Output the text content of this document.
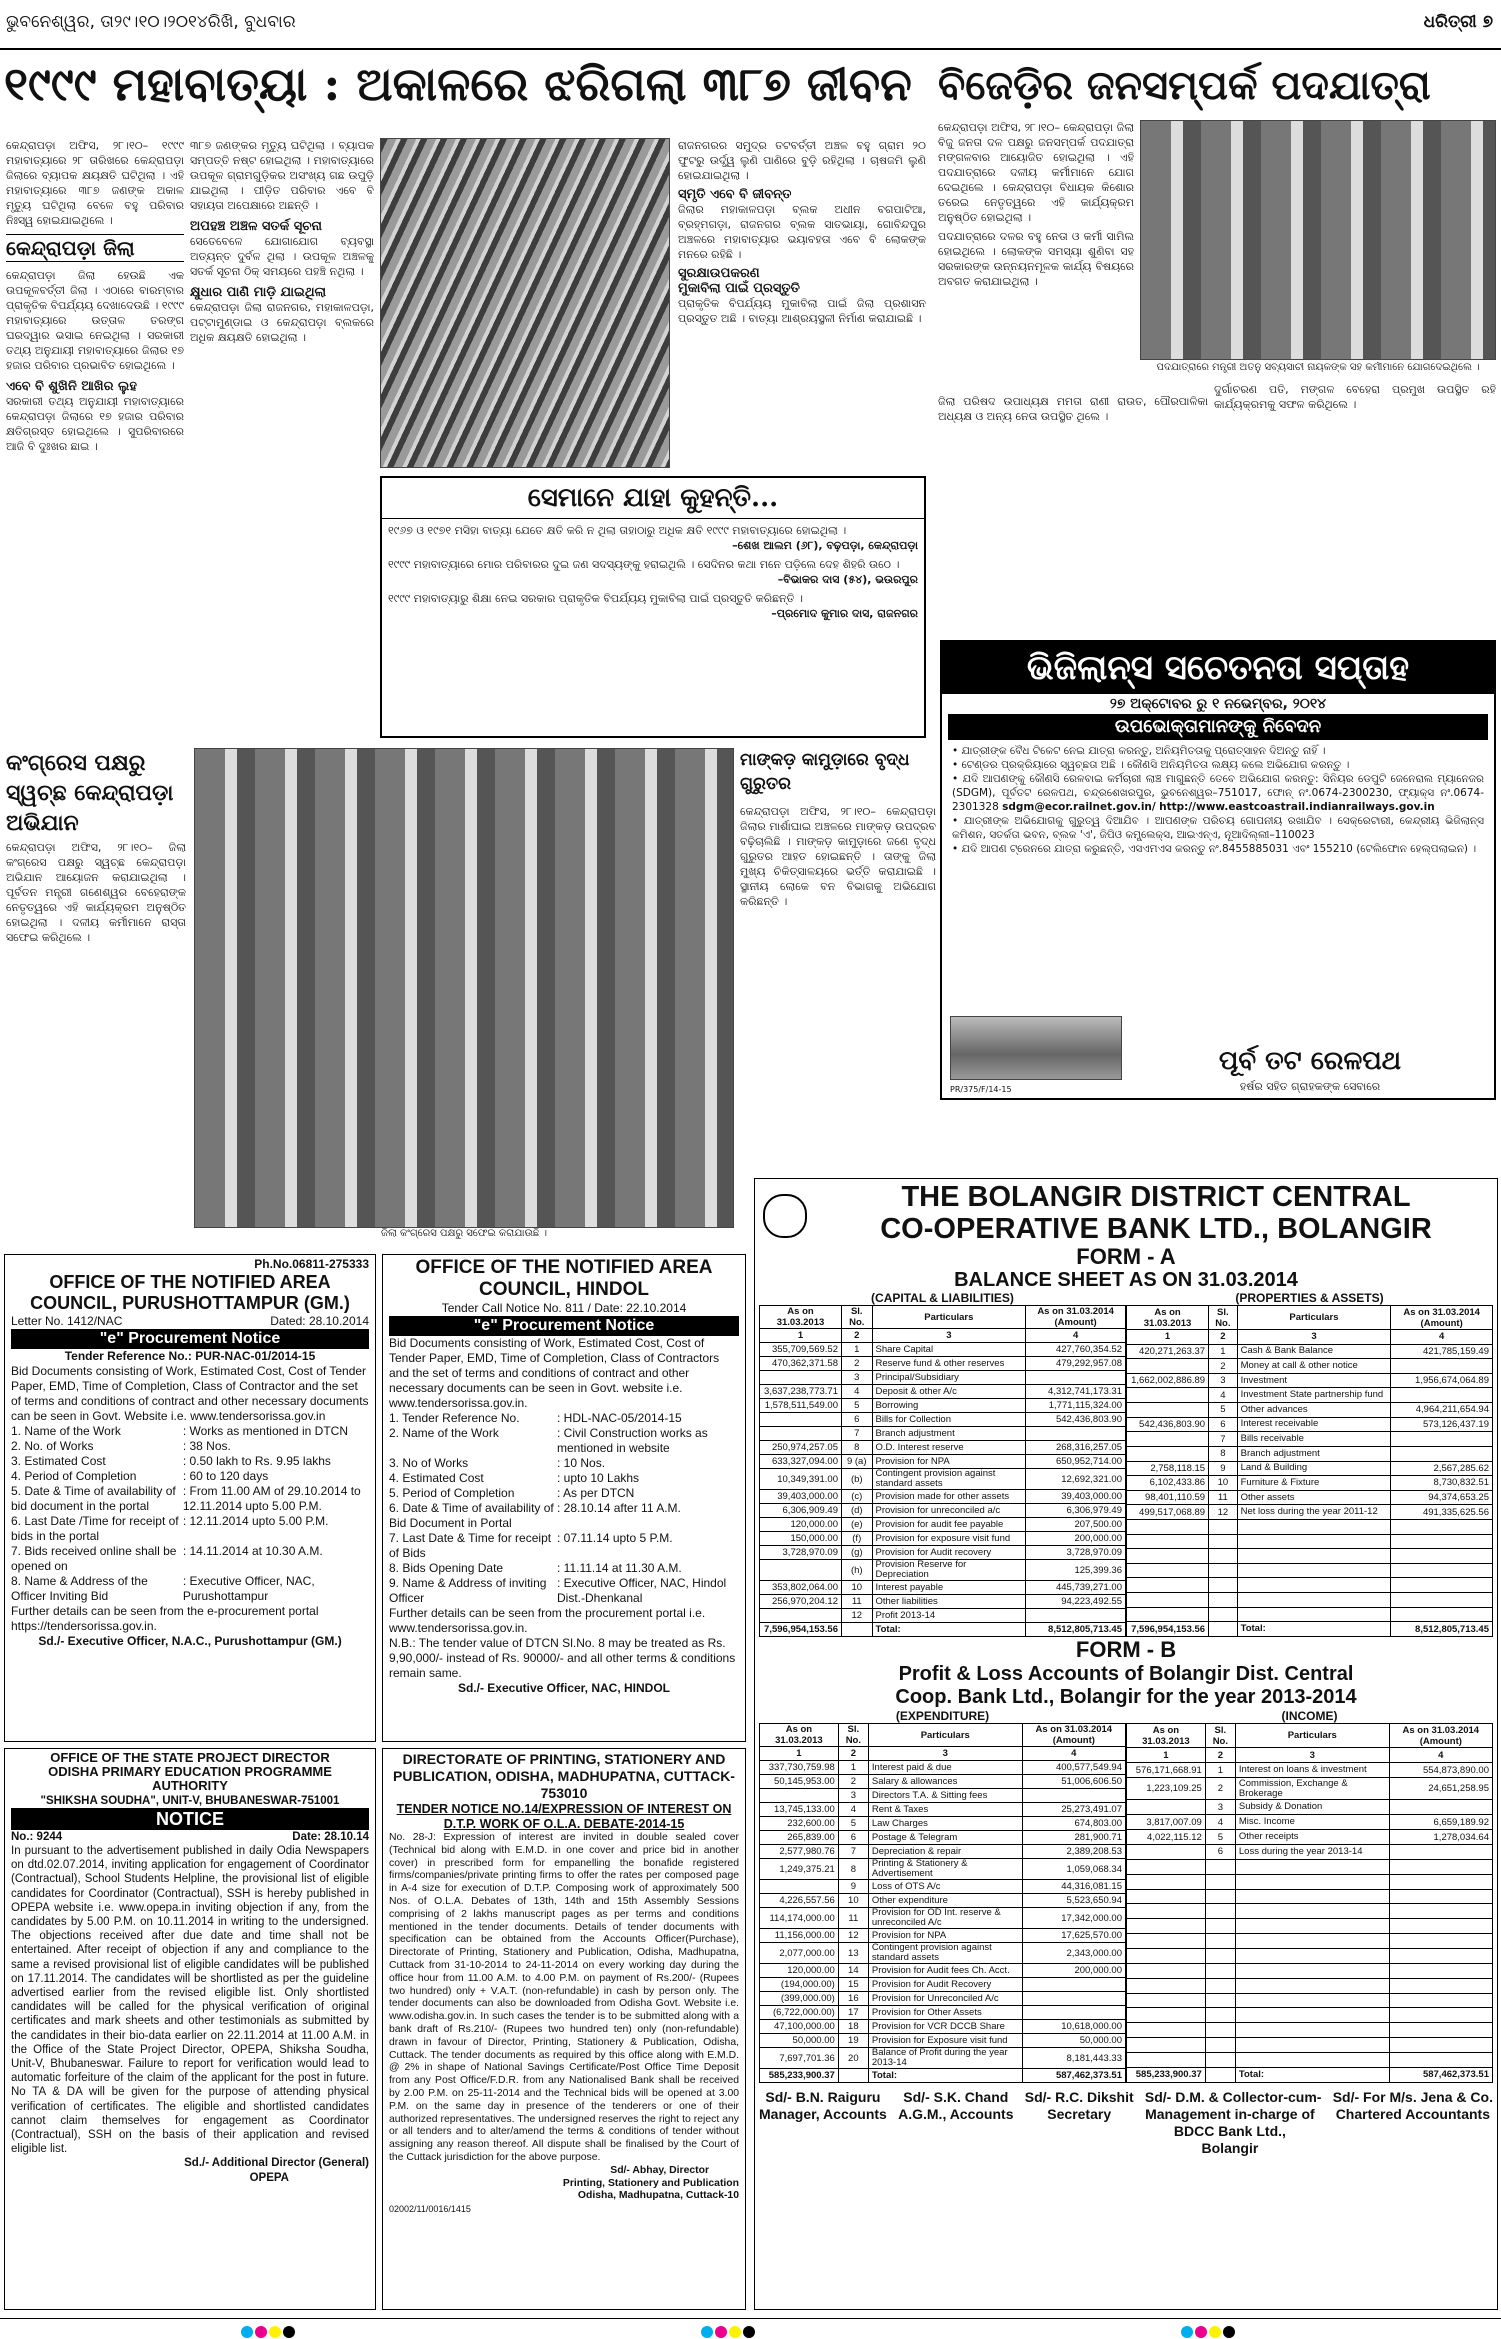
ଭୁବନେଶ୍ୱର, ତା୨୯।୧୦।୨୦୧୪ରିଖି, ବୁଧବାର	ଧରିତ୍ରୀ ୭
୧୯୯୯ ମହାବାତ୍ୟା : ଅକାଳରେ ଝରିଗଲା ୩୮୭ ଜୀବନ ବିଜେଡ଼ିର ଜନସମ୍ପର୍କ ପଦଯାତ୍ରା

କେନ୍ଦ୍ରାପଡ଼ା ଅଫିସ, ୨୮।୧୦– ୧୯୯୯ ମହାବାତ୍ୟାରେ ୨୮ ତାରିଖରେ କେନ୍ଦ୍ରାପଡ଼ା ଜିଲାରେ ବ୍ୟାପକ କ୍ଷୟକ୍ଷତି ଘଟିଥିଲା । ଏହି ମହାବାତ୍ୟାରେ ୩୮୭ ଜଣଙ୍କ ଅକାଳ ମୃତ୍ୟୁ ଘଟିଥିଲା ବେଳେ ବହୁ ପରିବାର ନିଃସ୍ୱ ହୋଇଯାଇଥିଲେ ।

କେନ୍ଦ୍ରାପଡ଼ା ଜିଲା

କେନ୍ଦ୍ରାପଡ଼ା ଜିଲା ହେଉଛି ଏକ ଉପକୂଳବର୍ତ୍ତୀ ଜିଲା । ଏଠାରେ ବାରମ୍ବାର ପ୍ରାକୃତିକ ବିପର୍ଯ୍ୟୟ ଦେଖାଦେଉଛି । ୧୯୯୯ ମହାବାତ୍ୟାରେ ଉତ୍ତାଳ ତରଙ୍ଗ ଘରଦ୍ୱାର ଭସାଇ ନେଇଥିଲା । ସରକାରୀ ତଥ୍ୟ ଅନୁଯାୟୀ ମହାବାତ୍ୟାରେ ଜିଲାର ୧୭ ହଜାର ପରିବାର ପ୍ରଭାବିତ ହୋଇଥିଲେ ।

ଏବେ ବି ଶୁଖିନି ଆଖିର ଲୁହ

ସରକାରୀ ତଥ୍ୟ ଅନୁଯାୟୀ ମହାବାତ୍ୟାରେ କେନ୍ଦ୍ରାପଡ଼ା ଜିଲାରେ ୧୭ ହଜାର ପରିବାର କ୍ଷତିଗ୍ରସ୍ତ ହୋଇଥିଲେ । ସୁପରିବାରରେ ଆଜି ବି ଦୁଃଖର ଛାଇ ।

୩୮୭ ଜଣଙ୍କର ମୃତ୍ୟୁ ଘଟିଥିଲା । ବ୍ୟାପକ ସମ୍ପତ୍ତି ନଷ୍ଟ ହୋଇଥିଲା । ମହାବାତ୍ୟାରେ ଉପକୂଳ ଗ୍ରାମଗୁଡ଼ିକର ଅସଂଖ୍ୟ ଗଛ ଉପୁଡ଼ି ଯାଇଥିଲା । ପୀଡ଼ିତ ପରିବାର ଏବେ ବି ସହାୟତା ଅପେକ୍ଷାରେ ଅଛନ୍ତି ।

ଅପହଞ୍ଚ ଅଞ୍ଚଳ ସତର୍କ ସୂଚନା

ସେତେବେଳେ ଯୋଗାଯୋଗ ବ୍ୟବସ୍ଥା ଅତ୍ୟନ୍ତ ଦୁର୍ବଳ ଥିଲା । ଉପକୂଳ ଅଞ୍ଚଳକୁ ସତର୍କ ସୂଚନା ଠିକ୍ ସମୟରେ ପହଞ୍ଚି ନଥିଲା ।

କ୍ଷୁଧାର ପାଣି ମାଡ଼ି ଯାଇଥିଲା

କେନ୍ଦ୍ରାପଡ଼ା ଜିଲା ରାଜନଗର, ମହାକାଳପଡ଼ା, ପଟ୍ଟାମୁଣ୍ଡାଇ ଓ କେନ୍ଦ୍ରାପଡ଼ା ବ୍ଲକରେ ଅଧିକ କ୍ଷୟକ୍ଷତି ହୋଇଥିଲା ।

ସେମାନେ ଯାହା କୁହନ୍ତି...

୧୯୬୭ ଓ ୧୯୭୧ ମସିହା ବାତ୍ୟା ଯେତେ କ୍ଷତି କରି ନ ଥିଲା ତାହାଠାରୁ ଅଧିକ କ୍ଷତି ୧୯୯୯ ମହାବାତ୍ୟାରେ ହୋଇଥିଲା ।

–ଶେଖ ଆଲମ (୬୮), ବଢ଼ପଡ଼ା, କେନ୍ଦ୍ରାପଡ଼ା

୧୯୯୯ ମହାବାତ୍ୟାରେ ମୋର ପରିବାରର ଦୁଇ ଜଣ ସଦସ୍ୟଙ୍କୁ ହରାଇଥିଲି । ସେଦିନର କଥା ମନେ ପଡ଼ିଲେ ଦେହ ଶିହରି ଉଠେ ।

–ବିଭାକର ଦାସ (୫୪), ଭଉରପୁର

୧୯୯୯ ମହାବାତ୍ୟାରୁ ଶିକ୍ଷା ନେଇ ସରକାର ପ୍ରାକୃତିକ ବିପର୍ଯ୍ୟୟ ମୁକାବିଲା ପାଇଁ ପ୍ରସ୍ତୁତି କରିଛନ୍ତି ।

–ପ୍ରମୋଦ କୁମାର ଦାସ, ରାଜନଗର

ରାଜନଗରର ସମୁଦ୍ର ତଟବର୍ତ୍ତୀ ଅଞ୍ଚଳ ବହୁ ଗ୍ରାମ ୨୦ ଫୁଟରୁ ଉର୍ଦ୍ଧ୍ୱ ଲୁଣି ପାଣିରେ ବୁଡ଼ି ରହିଥିଲା । ଚାଷଜମି ଲୁଣି ହୋଇଯାଇଥିଲା ।

ସ୍ମୃତି ଏବେ ବି ଜୀବନ୍ତ

ଜିଲାର ମହାକାଳପଡ଼ା ବ୍ଲକ ଅଧୀନ ବଗପାଟିଆ, ବ୍ରହ୍ମଗଡ଼ା, ରାଜନଗର ବ୍ଲକ ସାତଭାୟା, ଗୋବିନ୍ଦପୁର ଅଞ୍ଚଳରେ ମହାବାତ୍ୟାର ଭୟାବହତା ଏବେ ବି ଲୋକଙ୍କ ମନରେ ରହିଛି ।

ସୁରକ୍ଷାଉପକରଣ
ମୁକାବିଲା ପାଇଁ ପ୍ରସ୍ତୁତି

ପ୍ରାକୃତିକ ବିପର୍ଯ୍ୟୟ ମୁକାବିଲା ପାଇଁ ଜିଲା ପ୍ରଶାସନ ପ୍ରସ୍ତୁତ ଅଛି । ବାତ୍ୟା ଆଶ୍ରୟସ୍ଥଳୀ ନିର୍ମାଣ କରାଯାଇଛି ।

କେନ୍ଦ୍ରାପଡ଼ା ଅଫିସ, ୨୮।୧୦– କେନ୍ଦ୍ରାପଡ଼ା ଜିଲା ବିଜୁ ଜନତା ଦଳ ପକ୍ଷରୁ ଜନସମ୍ପର୍କ ପଦଯାତ୍ରା ମଙ୍ଗଳବାର ଆୟୋଜିତ ହୋଇଥିଲା । ଏହି ପଦଯାତ୍ରାରେ ଦଳୀୟ କର୍ମୀମାନେ ଯୋଗ ଦେଇଥିଲେ । କେନ୍ଦ୍ରାପଡ଼ା ବିଧାୟକ କିଶୋର ତରେଇ ନେତୃତ୍ୱରେ ଏହି କାର୍ଯ୍ୟକ୍ରମ ଅନୁଷ୍ଠିତ ହୋଇଥିଲା ।

ପଦଯାତ୍ରାରେ ଦଳର ବହୁ ନେତା ଓ କର୍ମୀ ସାମିଲ ହୋଇଥିଲେ । ଲୋକଙ୍କ ସମସ୍ୟା ଶୁଣିବା ସହ ସରକାରଙ୍କ ଉନ୍ନୟନମୂଳକ କାର୍ଯ୍ୟ ବିଷୟରେ ଅବଗତ କରାଯାଇଥିଲା ।

ପଦଯାତ୍ରାରେ ମନ୍ତ୍ରୀ ଅତନୁ ସବ୍ୟସାଚୀ ନାୟକଙ୍କ ସହ କର୍ମୀମାନେ ଯୋଗଦେଇଥିଲେ ।

ଜିଲା ପରିଷଦ ଉପାଧ୍ୟକ୍ଷ ମମତା ରାଣୀ ରାଉତ, ପୌରପାଳିକା ଅଧ୍ୟକ୍ଷ ଓ ଅନ୍ୟ ନେତା ଉପସ୍ଥିତ ଥିଲେ ।

ଦୁର୍ଗାଚରଣ ପତି, ମଙ୍ଗଳ ବେହେରା ପ୍ରମୁଖ ଉପସ୍ଥିତ ରହି କାର୍ଯ୍ୟକ୍ରମକୁ ସଫଳ କରିଥିଲେ ।

ଭିଜିଲାନ୍ସ ସଚେତନତା ସପ୍ତାହ
୨୭ ଅକ୍ଟୋବର ରୁ ୧ ନଭେମ୍ବର, ୨୦୧୪
ଉପଭୋକ୍ତାମାନଙ୍କୁ ନିବେଦନ
• ଯାତ୍ରୀଙ୍କ ବୈଧ ଟିକେଟ ନେଇ ଯାତ୍ରା କରନ୍ତୁ, ଅନିୟମିତତାକୁ ପ୍ରୋତ୍ସାହନ ଦିଅନ୍ତୁ ନାହିଁ ।
• ଟେଣ୍ଡର ପ୍ରକ୍ରିୟାରେ ସ୍ୱଚ୍ଛତା ଅଛି । କୌଣସି ଅନିୟମିତତା ଲକ୍ଷ୍ୟ କଲେ ଅଭିଯୋଗ କରନ୍ତୁ ।
• ଯଦି ଆପଣଙ୍କୁ କୌଣସି ରେଳବାଇ କର୍ମଚାରୀ ଲାଞ୍ଚ ମାଗୁଛନ୍ତି ତେବେ ଅଭିଯୋଗ କରନ୍ତୁ: ସିନିୟର ଡେପୁଟି ଜେନେରାଲ ମ୍ୟାନେଜର (SDGM), ପୂର୍ବତଟ ରେଳପଥ, ଚନ୍ଦ୍ରଶେଖରପୁର, ଭୁବନେଶ୍ୱର–751017, ଫୋନ୍ ନଂ.0674-2300230, ଫ୍ୟାକ୍ସ ନଂ.0674-2301328 sdgm@ecor.railnet.gov.in/ http://www.eastcoastrail.indianrailways.gov.in
• ଯାତ୍ରୀଙ୍କ ଅଭିଯୋଗକୁ ଗୁରୁତ୍ୱ ଦିଆଯିବ । ଆପଣଙ୍କ ପରିଚୟ ଗୋପନୀୟ ରଖାଯିବ । ସେକ୍ରେଟାରୀ, କେନ୍ଦ୍ରୀୟ ଭିଜିଲାନ୍ସ କମିଶନ, ସତର୍କତା ଭବନ, ବ୍ଲକ 'ଏ', ଜିପିଓ କମ୍ପ୍ଲେକ୍ସ, ଆଇଏନ୍ଏ, ନୂଆଦିଲ୍ଲୀ–110023
• ଯଦି ଆପଣ ଟ୍ରେନରେ ଯାତ୍ରା କରୁଛନ୍ତି, ଏସଏମଏସ କରନ୍ତୁ ନଂ.8455885031 ଏବଂ 155210 (ଟେଲିଫୋନ ହେଲ୍ପଲାଇନ) ।
ପୂର୍ବ ତଟ ରେଳପଥ
ହର୍ଷର ସହିତ ଗ୍ରାହକଙ୍କ ସେବାରେ
PR/375/F/14-15
କଂଗ୍ରେସ ପକ୍ଷରୁ ସ୍ୱଚ୍ଛ କେନ୍ଦ୍ରାପଡ଼ା ଅଭିଯାନ
କେନ୍ଦ୍ରାପଡ଼ା ଅଫିସ, ୨୮।୧୦– ଜିଲା କଂଗ୍ରେସ ପକ୍ଷରୁ ସ୍ୱଚ୍ଛ କେନ୍ଦ୍ରାପଡ଼ା ଅଭିଯାନ ଆୟୋଜନ କରାଯାଇଥିଲା । ପୂର୍ବତନ ମନ୍ତ୍ରୀ ଗଣେଶ୍ୱର ବେହେରାଙ୍କ ନେତୃତ୍ୱରେ ଏହି କାର୍ଯ୍ୟକ୍ରମ ଅନୁଷ୍ଠିତ ହୋଇଥିଲା । ଦଳୀୟ କର୍ମୀମାନେ ରାସ୍ତା ସଫେଇ କରିଥିଲେ ।
ଜିଲା କଂଗ୍ରେସ ପକ୍ଷରୁ ସଫେଇ କରାଯାଉଛି ।
ମାଙ୍କଡ଼ କାମୁଡ଼ାରେ ବୃଦ୍ଧ ଗୁରୁତର
କେନ୍ଦ୍ରାପଡ଼ା ଅଫିସ, ୨୮।୧୦– କେନ୍ଦ୍ରାପଡ଼ା ଜିଲାର ମାର୍ଶାଘାଇ ଅଞ୍ଚଳରେ ମାଙ୍କଡ଼ ଉପଦ୍ରବ ବଢ଼ିଚାଲିଛି । ମାଙ୍କଡ଼ କାମୁଡ଼ାରେ ଜଣେ ବୃଦ୍ଧ ଗୁରୁତର ଆହତ ହୋଇଛନ୍ତି । ତାଙ୍କୁ ଜିଲା ମୁଖ୍ୟ ଚିକିତ୍ସାଳୟରେ ଭର୍ତ୍ତି କରାଯାଇଛି । ସ୍ଥାନୀୟ ଲୋକେ ବନ ବିଭାଗକୁ ଅଭିଯୋଗ କରିଛନ୍ତି ।
Ph.No.06811-275333
OFFICE OF THE NOTIFIED AREA COUNCIL, PURUSHOTTAMPUR (GM.)
Letter No. 1412/NAC	Dated: 28.10.2014
"e" Procurement Notice
Tender Reference No.: PUR-NAC-01/2014-15
Bid Documents consisting of Work, Estimated Cost, Cost of Tender Paper, EMD, Time of Completion, Class of Contractor and the set of terms and conditions of contract and other necessary documents can be seen in Govt. Website i.e. www.tendersorissa.gov.in
1. Name of the Work	: Works as mentioned in DTCN
2. No. of Works	: 38 Nos.
3. Estimated Cost	: 0.50 lakh to Rs. 9.95 lakhs
4. Period of Completion	: 60 to 120 days
5. Date & Time of availability of bid document in the portal
: From 11.00 AM of 29.10.2014 to 12.11.2014 upto 5.00 P.M.
6. Last Date /Time for receipt of bids in the portal
: 12.11.2014 upto 5.00 P.M.
7. Bids received online shall be opened on
: 14.11.2014 at 10.30 A.M.
8. Name & Address of the Officer Inviting Bid
: Executive Officer, NAC, Purushottampur
Further details can be seen from the e-procurement portal https://tendersorissa.gov.in.
Sd./- Executive Officer, N.A.C., Purushottampur (GM.)
OFFICE OF THE NOTIFIED AREA COUNCIL, HINDOL
Tender Call Notice No. 811 / Date: 22.10.2014
"e" Procurement Notice
Bid Documents consisting of Work, Estimated Cost, Cost of Tender Paper, EMD, Time of Completion, Class of Contractors and the set of terms and conditions of contract and other necessary documents can be seen in Govt. website i.e. www.tendersorissa.gov.in.
1. Tender Reference No.	: HDL-NAC-05/2014-15
2. Name of the Work	: Civil Construction works as mentioned in website
3. No of Works	: 10 Nos.
4. Estimated Cost	: upto 10 Lakhs
5. Period of Completion	: As per DTCN
6. Date & Time of availability of Bid Document in Portal
: 28.10.14 after 11 A.M.
7. Last Date & Time for receipt of Bids
: 07.11.14 upto 5 P.M.
8. Bids Opening Date	: 11.11.14 at 11.30 A.M.
9. Name & Address of inviting Officer
: Executive Officer, NAC, Hindol Dist.-Dhenkanal
Further details can be seen from the procurement portal i.e. www.tendersorissa.gov.in.
N.B.: The tender value of DTCN Sl.No. 8 may be treated as Rs. 9,90,000/- instead of Rs. 90000/- and all other terms & conditions remain same.
Sd./- Executive Officer, NAC, HINDOL
OFFICE OF THE STATE PROJECT DIRECTOR
ODISHA PRIMARY EDUCATION PROGRAMME AUTHORITY
"SHIKSHA SOUDHA", UNIT-V, BHUBANESWAR-751001
NOTICE
No.: 9244	Date: 28.10.14
In pursuant to the advertisement published in daily Odia Newspapers on dtd.02.07.2014, inviting application for engagement of Coordinator (Contractual), School Students Helpline, the provisional list of eligible candidates for Coordinator (Contractual), SSH is hereby published in OPEPA website i.e. www.opepa.in inviting objection if any, from the candidates by 5.00 P.M. on 10.11.2014 in writing to the undersigned. The objections received after due date and time shall not be entertained. After receipt of objection if any and compliance to the same a revised provisional list of eligible candidates will be published on 17.11.2014. The candidates will be shortlisted as per the guideline advertised earlier from the revised eligible list. Only shortlisted candidates will be called for the physical verification of original certificates and mark sheets and other testimonials as submitted by the candidates in their bio-data earlier on 22.11.2014 at 11.00 A.M. in the Office of the State Project Director, OPEPA, Shiksha Soudha, Unit-V, Bhubaneswar. Failure to report for verification would lead to automatic forfeiture of the claim of the applicant for the post in future. No TA & DA will be given for the purpose of attending physical verification of certificates. The eligible and shortlisted candidates cannot claim themselves for engagement as Coordinator (Contractual), SSH on the basis of their application and revised eligible list.
Sd./- Additional Director (General)
OPEPA
DIRECTORATE OF PRINTING, STATIONERY AND PUBLICATION, ODISHA, MADHUPATNA, CUTTACK-753010
TENDER NOTICE NO.14/EXPRESSION OF INTEREST ON D.T.P. WORK OF O.L.A. DEBATE-2014-15
No. 28-J: Expression of interest are invited in double sealed cover (Technical bid along with E.M.D. in one cover and price bid in another cover) in prescribed form for empanelling the bonafide registered firms/companies/private printing firms to offer the rates per composed page in A-4 size for execution of D.T.P. Composing work of approximately 500 Nos. of O.L.A. Debates of 13th, 14th and 15th Assembly Sessions comprising of 2 lakhs manuscript pages as per terms and conditions mentioned in the tender documents. Details of tender documents with specification can be obtained from the Accounts Officer(Purchase), Directorate of Printing, Stationery and Publication, Odisha, Madhupatna, Cuttack from 31-10-2014 to 24-11-2014 on every working day during the office hour from 11.00 A.M. to 4.00 P.M. on payment of Rs.200/- (Rupees two hundred) only + V.A.T. (non-refundable) in cash by person only. The tender documents can also be downloaded from Odisha Govt. Website i.e. www.odisha.gov.in. In such cases the tender is to be submitted along with a bank draft of Rs.210/- (Rupees two hundred ten) only (non-refundable) drawn in favour of Director, Printing, Stationery & Publication, Odisha, Cuttack. The tender documents as required by this office along with E.M.D. @ 2% in shape of National Savings Certificate/Post Office Time Deposit from any Post Office/F.D.R. from any Nationalised Bank shall be received by 2.00 P.M. on 25-11-2014 and the Technical bids will be opened at 3.00 P.M. on the same day in presence of the tenderers or one of their authorized representatives. The undersigned reserves the right to reject any or all tenders and to alter/amend the terms & conditions of tender without assigning any reason thereof. All dispute shall be finalised by the Court of the Cuttack jurisdiction for the above purpose.
Sd/- Abhay, Director
Printing, Stationery and Publication
Odisha, Madhupatna, Cuttack-10
02002/11/0016/1415
THE BOLANGIR DISTRICT CENTRAL
CO-OPERATIVE BANK LTD., BOLANGIR
FORM - A
BALANCE SHEET AS ON 31.03.2014
(CAPITAL & LIABILITIES)	(PROPERTIES & ASSETS)
As on 31.03.2013	Sl. No.	Particulars	As on 31.03.2014 (Amount)
1	2	3	4
355,709,569.52	1	Share Capital	427,760,354.52
470,362,371.58	2	Reserve fund & other reserves	479,292,957.08
	3	Principal/Subsidiary	
3,637,238,773.71	4	Deposit & other A/c	4,312,741,173.31
1,578,511,549.00	5	Borrowing	1,771,115,324.00
	6	Bills for Collection	542,436,803.90
	7	Branch adjustment	
250,974,257.05	8	O.D. Interest reserve	268,316,257.05
633,327,094.00	9 (a)	Provision for NPA	650,952,714.00
10,349,391.00	(b)	Contingent provision against standard assets	12,692,321.00
39,403,000.00	(c)	Provision made for other assets	39,403,000.00
6,306,909.49	(d)	Provision for unreconciled a/c	6,306,979.49
120,000.00	(e)	Provision for audit fee payable	207,500.00
150,000.00	(f)	Provision for exposure visit fund	200,000.00
3,728,970.09	(g)	Provision for Audit recovery	3,728,970.09
	(h)	Provision Reserve for Depreciation	125,399.36
353,802,064.00	10	Interest payable	445,739,271.00
256,970,204.12	11	Other liabilities	94,223,492.55
	12	Profit 2013-14	
7,596,954,153.56		Total:	8,512,805,713.45
As on 31.03.2013	Sl. No.	Particulars	As on 31.03.2014 (Amount)
1	2	3	4
420,271,263.37	1	Cash & Bank Balance	421,785,159.49
	2	Money at call & other notice	
1,662,002,886.89	3	Investment	1,956,674,064.89
	4	Investment State partnership fund	
	5	Other advances	4,964,211,654.94
542,436,803.90	6	Interest receivable	573,126,437.19
	7	Bills receivable	
	8	Branch adjustment	
2,758,118.15	9	Land & Building	2,567,285.62
6,102,433.86	10	Furniture & Fixture	8,730,832.51
98,401,110.59	11	Other assets	94,374,653.25
499,517,068.89	12	Net loss during the year 2011-12	491,335,625.56

7,596,954,153.56		Total:	8,512,805,713.45
FORM - B
Profit & Loss Accounts of Bolangir Dist. Central
Coop. Bank Ltd., Bolangir for the year 2013-2014
(EXPENDITURE)	(INCOME)
As on 31.03.2013	Sl. No.	Particulars	As on 31.03.2014 (Amount)
1	2	3	4
337,730,759.98	1	Interest paid & due	400,577,549.94
50,145,953.00	2	Salary & allowances	51,006,606.50
	3	Directors T.A. & Sitting fees	
13,745,133.00	4	Rent & Taxes	25,273,491.07
232,600.00	5	Law Charges	674,803.00
265,839.00	6	Postage & Telegram	281,900.71
2,577,980.76	7	Depreciation & repair	2,389,208.53
1,249,375.21	8	Printing & Stationery & Advertisement	1,059,068.34
	9	Loss of OTS A/c	44,316,081.15
4,226,557.56	10	Other expenditure	5,523,650.94
114,174,000.00	11	Provision for OD Int. reserve & unreconciled A/c	17,342,000.00
11,156,000.00	12	Provision for NPA	17,625,570.00
2,077,000.00	13	Contingent provision against standard assets	2,343,000.00
120,000.00	14	Provision for Audit fees Ch. Acct.	200,000.00
(194,000.00)	15	Provision for Audit Recovery	
(399,000.00)	16	Provision for Unreconciled A/c	
(6,722,000.00)	17	Provision for Other Assets	
47,100,000.00	18	Provision for VCR DCCB Share	10,618,000.00
50,000.00	19	Provision for Exposure visit fund	50,000.00
7,697,701.36	20	Balance of Profit during the year 2013-14	8,181,443.33
585,233,900.37		Total:	587,462,373.51
As on 31.03.2013	Sl. No.	Particulars	As on 31.03.2014 (Amount)
1	2	3	4
576,171,668.91	1	Interest on loans & investment	554,873,890.00
1,223,109.25	2	Commission, Exchange & Brokerage	24,651,258.95
	3	Subsidy & Donation	
3,817,007.09	4	Misc. Income	6,659,189.92
4,022,115.12	5	Other receipts	1,278,034.64
	6	Loss during the year 2013-14	

585,233,900.37		Total:	587,462,373.51
Sd/- B.N. Raiguru
Manager, Accounts
Sd/- S.K. Chand
A.G.M., Accounts
Sd/- R.C. Dikshit
Secretary
Sd/- D.M. & Collector-cum-
Management in-charge of BDCC Bank Ltd., Bolangir
Sd/- For M/s. Jena & Co.
Chartered Accountants
